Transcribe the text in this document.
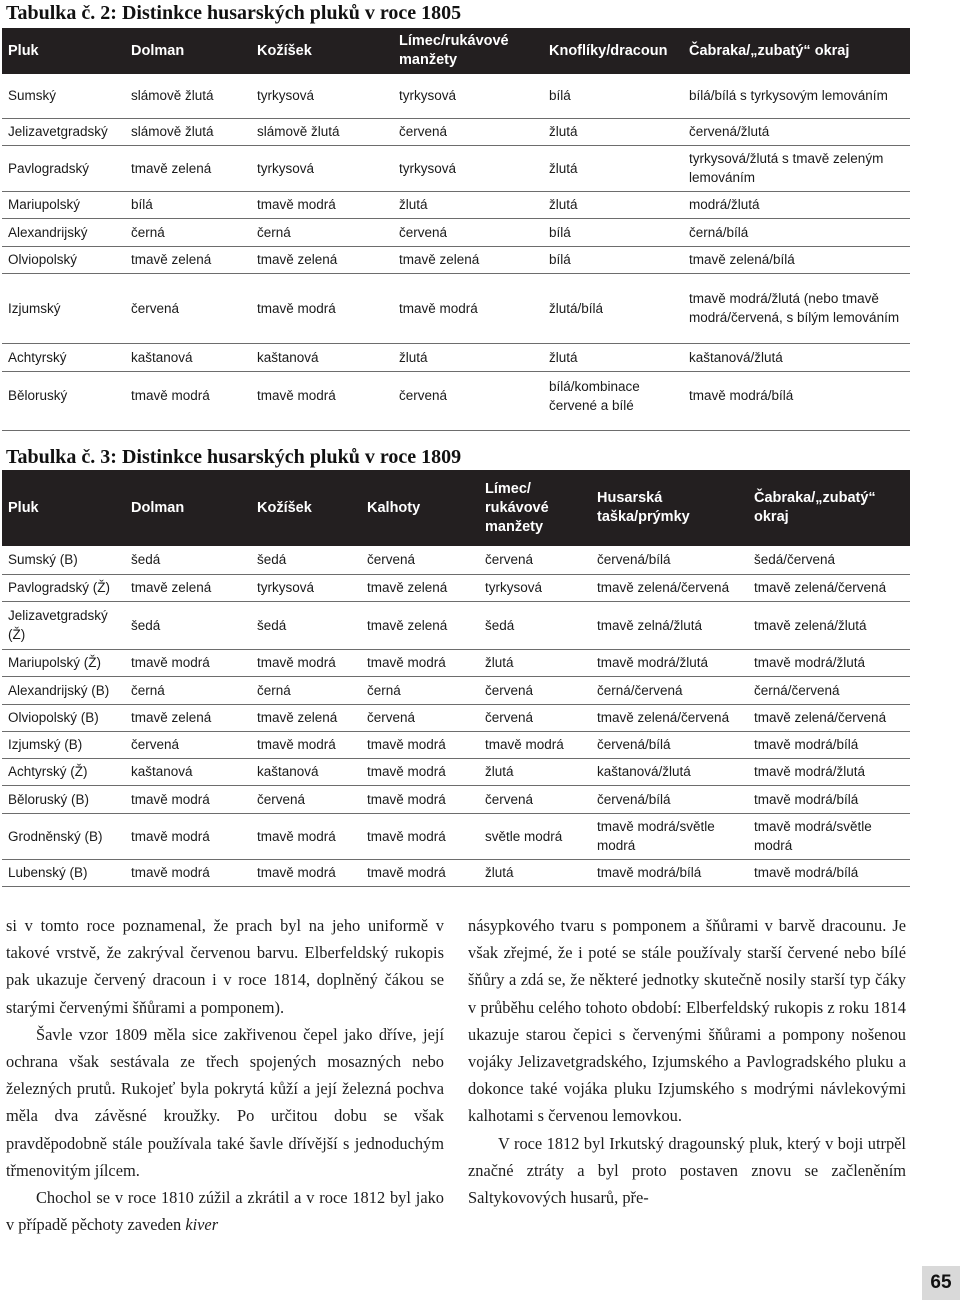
Tabulka č. 2: Distinkce husarských pluků v roce 1805
Pluk	Dolman	Kožíšek	Límec/rukávové manžety	Knoflíky/dracoun	Čabraka/„zubatý“ okraj
Sumský	slámově žlutá	tyrkysová	tyrkysová	bílá	bílá/bílá s tyrkysovým lemováním
Jelizavetgradský	slámově žlutá	slámově žlutá	červená	žlutá	červená/žlutá
Pavlogradský	tmavě zelená	tyrkysová	tyrkysová	žlutá	tyrkysová/žlutá s tmavě zeleným lemováním
Mariupolský	bílá	tmavě modrá	žlutá	žlutá	modrá/žlutá
Alexandrijský	černá	černá	červená	bílá	černá/bílá
Olviopolský	tmavě zelená	tmavě zelená	tmavě zelená	bílá	tmavě zelená/bílá
Izjumský	červená	tmavě modrá	tmavě modrá	žlutá/bílá	tmavě modrá/žlutá (nebo tmavě modrá/červená, s bílým lemováním
Achtyrský	kaštanová	kaštanová	žlutá	žlutá	kaštanová/žlutá
Běloruský	tmavě modrá	tmavě modrá	červená	bílá/kombinace červené a bílé	tmavě modrá/bílá
Tabulka č. 3: Distinkce husarských pluků v roce 1809
Pluk	Dolman	Kožíšek	Kalhoty	Límec/ rukávové manžety	Husarská taška/prýmky	Čabraka/„zubatý“ okraj
Sumský (B)	šedá	šedá	červená	červená	červená/bílá	šedá/červená
Pavlogradský (Ž)	tmavě zelená	tyrkysová	tmavě zelená	tyrkysová	tmavě zelená/červená	tmavě zelená/červená
Jelizavetgradský (Ž)	šedá	šedá	tmavě zelená	šedá	tmavě zelná/žlutá	tmavě zelená/žlutá
Mariupolský (Ž)	tmavě modrá	tmavě modrá	tmavě modrá	žlutá	tmavě modrá/žlutá	tmavě modrá/žlutá
Alexandrijský (B)	černá	černá	černá	červená	černá/červená	černá/červená
Olviopolský (B)	tmavě zelená	tmavě zelená	červená	červená	tmavě zelená/červená	tmavě zelená/červená
Izjumský (B)	červená	tmavě modrá	tmavě modrá	tmavě modrá	červená/bílá	tmavě modrá/bílá
Achtyrský (Ž)	kaštanová	kaštanová	tmavě modrá	žlutá	kaštanová/žlutá	tmavě modrá/žlutá
Běloruský (B)	tmavě modrá	červená	tmavě modrá	červená	červená/bílá	tmavě modrá/bílá
Grodněnský (B)	tmavě modrá	tmavě modrá	tmavě modrá	světle modrá	tmavě modrá/světle modrá	tmavě modrá/světle modrá
Lubenský (B)	tmavě modrá	tmavě modrá	tmavě modrá	žlutá	tmavě modrá/bílá	tmavě modrá/bílá

si v tomto roce poznamenal, že prach byl na jeho uniformě v takové vrstvě, že zakrýval červenou barvu. Elberfeldský rukopis pak ukazuje červený dracoun i v roce 1814, doplněný čákou se starými červenými šňůrami a pomponem).

Šavle vzor 1809 měla sice zakřivenou čepel jako dříve, její ochrana však sestávala ze třech spojených mosazných nebo železných prutů. Rukojeť byla pokrytá kůží a její železná pochva měla dva závěsné kroužky. Po určitou dobu se však pravděpodobně stále používala také šavle dřívější s jednoduchým třmenovitým jílcem.

Chochol se v roce 1810 zúžil a zkrátil a v roce 1812 byl jako v případě pěchoty zaveden kiver

násypkového tvaru s pomponem a šňůrami v barvě dracounu. Je však zřejmé, že i poté se stále používaly starší červené nebo bílé šňůry a zdá se, že některé jednotky skutečně nosily starší typ čáky v průběhu celého tohoto období: Elberfeldský rukopis z roku 1814 ukazuje starou čepici s červenými šňůrami a pompony nošenou vojáky Jelizavetgradského, Izjumského a Pavlogradského pluku a dokonce také vojáka pluku Izjumského s modrými návlekovými kalhotami s červenou lemovkou.

V roce 1812 byl Irkutský dragounský pluk, který v boji utrpěl značné ztráty a byl proto postaven znovu se začleněním Saltykovových husarů, pře-

65
